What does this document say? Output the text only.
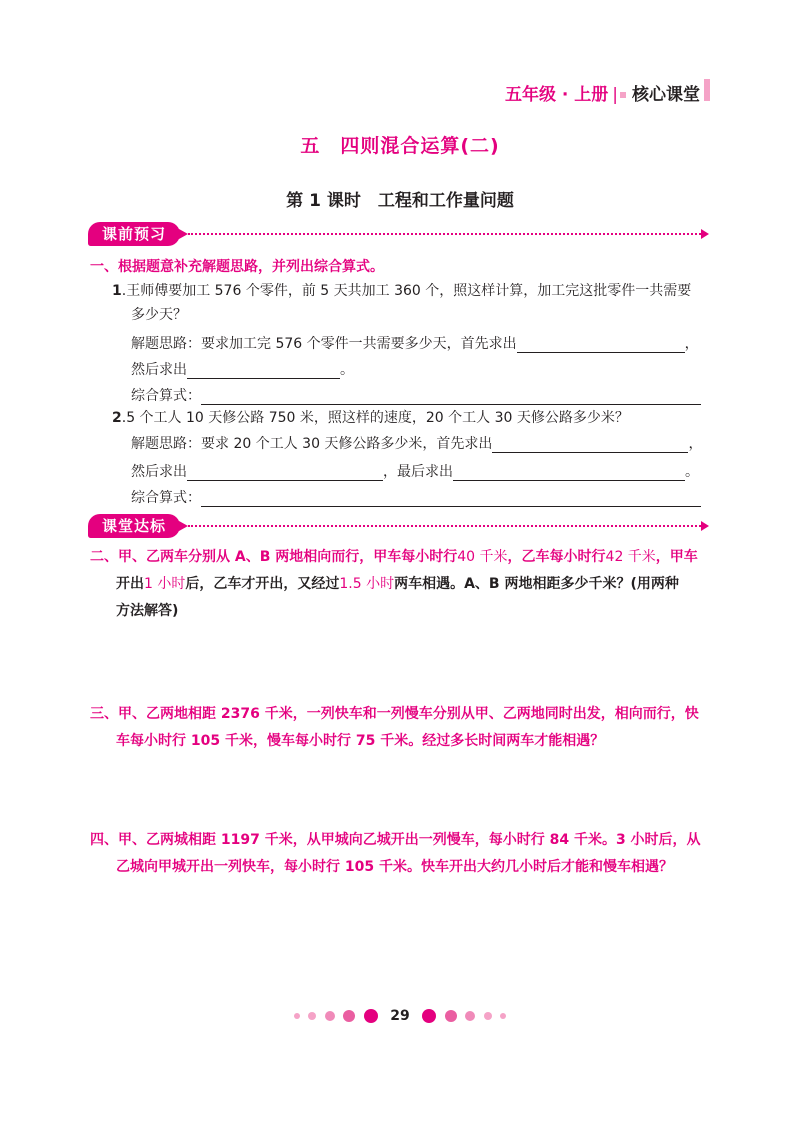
五年级 · 上册 | 核心课堂
五　四则混合运算(二)
第 1 课时　工程和工作量问题
课前预习
一、根据题意补充解题思路，并列出综合算式。
1.王师傅要加工 576 个零件，前 5 天共加工 360 个，照这样计算，加工完这批零件一共需要
多少天？
解题思路：要求加工完 576 个零件一共需要多少天，首先求出	，
然后求出	。
综合算式：
2.5 个工人 10 天修公路 750 米，照这样的速度，20 个工人 30 天修公路多少米？
解题思路：要求 20 个工人 30 天修公路多少米，首先求出	，
然后求出	，最后求出	。
综合算式：
课堂达标
二、甲、乙两车分别从 A、B 两地相向而行，甲车每小时行40 千米，乙车每小时行42 千米，甲车
开出1 小时后，乙车才开出，又经过1.5 小时两车相遇。A、B 两地相距多少千米？(用两种
方法解答)
三、甲、乙两地相距 2376 千米，一列快车和一列慢车分别从甲、乙两地同时出发，相向而行，快
车每小时行 105 千米，慢车每小时行 75 千米。经过多长时间两车才能相遇？
四、甲、乙两城相距 1197 千米，从甲城向乙城开出一列慢车，每小时行 84 千米。3 小时后，从
乙城向甲城开出一列快车，每小时行 105 千米。快车开出大约几小时后才能和慢车相遇？
29
